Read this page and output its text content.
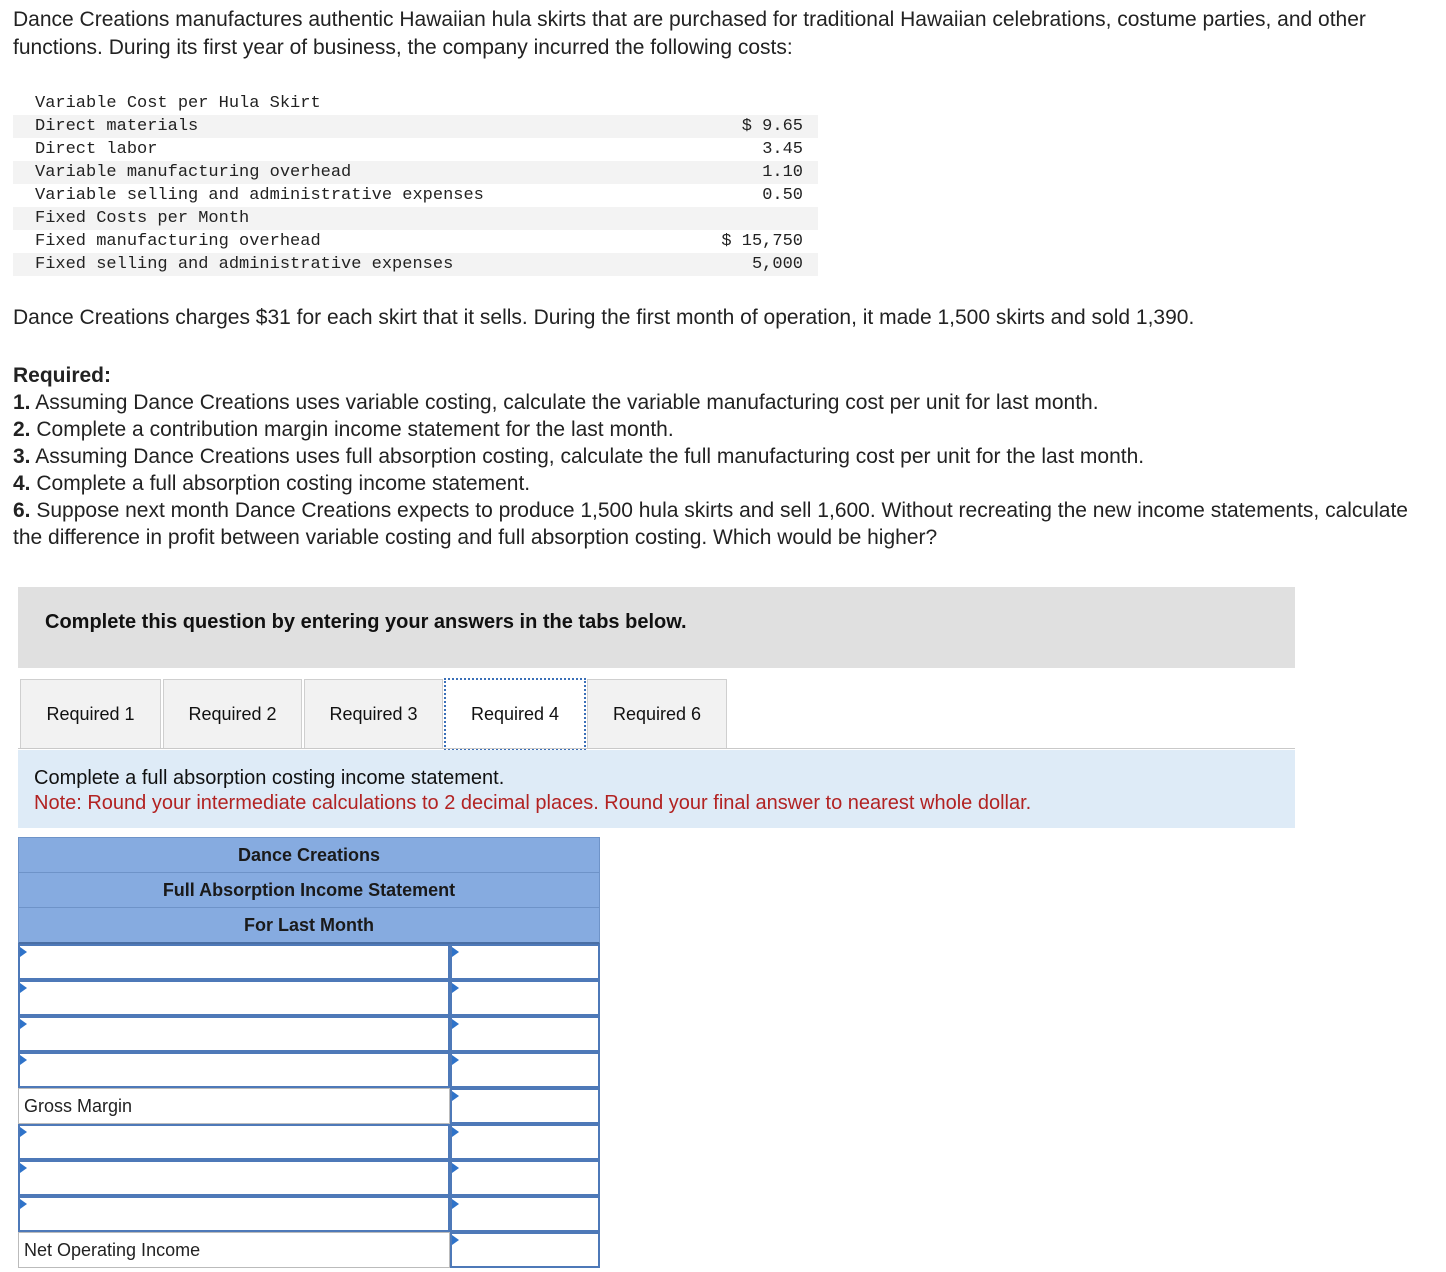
Dance Creations manufactures authentic Hawaiian hula skirts that are purchased for traditional Hawaiian celebrations, costume parties, and other functions. During its first year of business, the company incurred the following costs:

Variable Cost per Hula Skirt	
Direct materials	$ 9.65
Direct labor	3.45
Variable manufacturing overhead	1.10
Variable selling and administrative expenses	0.50
Fixed Costs per Month	
Fixed manufacturing overhead	$ 15,750
Fixed selling and administrative expenses	5,000

Dance Creations charges $31 for each skirt that it sells. During the first month of operation, it made 1,500 skirts and sold 1,390.

Required:
1. Assuming Dance Creations uses variable costing, calculate the variable manufacturing cost per unit for last month.
2. Complete a contribution margin income statement for the last month.
3. Assuming Dance Creations uses full absorption costing, calculate the full manufacturing cost per unit for the last month.
4. Complete a full absorption costing income statement.
6. Suppose next month Dance Creations expects to produce 1,500 hula skirts and sell 1,600. Without recreating the new income statements, calculate the difference in profit between variable costing and full absorption costing. Which would be higher?
Complete this question by entering your answers in the tabs below.
Required 1	Required 2	Required 3	Required 4	Required 6
Complete a full absorption costing income statement.
Note: Round your intermediate calculations to 2 decimal places. Round your final answer to nearest whole dollar.
Dance Creations
Full Absorption Income Statement
For Last Month
Gross Margin
Net Operating Income
